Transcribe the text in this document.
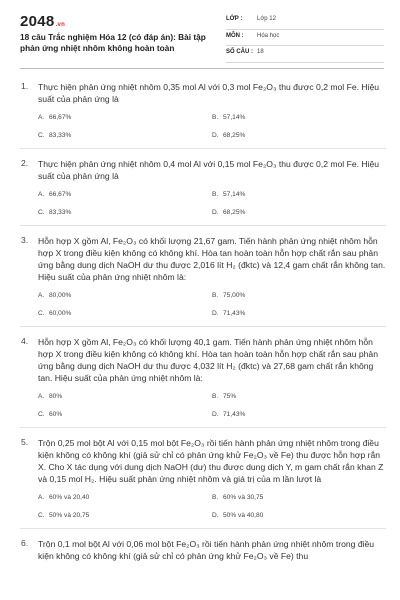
2048.vn
18 câu Trắc nghiệm Hóa 12 (có đáp án): Bài tập phản ứng nhiệt nhôm không hoàn toàn
LỚP : Lớp 12
MÔN : Hóa học
SỐ CÂU : 18
1. Thực hiện phản ứng nhiệt nhôm 0,35 mol Al với 0,3 mol Fe₂O₃ thu được 0,2 mol Fe. Hiệu suất của phản ứng là
A. 66,67%	B. 57,14%
C. 83,33%	D. 68,25%
2. Thực hiện phản ứng nhiệt nhôm 0,4 mol Al với 0,15 mol Fe₂O₃ thu được 0,2 mol Fe. Hiệu suất của phản ứng là
A. 66,67%	B. 57,14%
C. 83,33%	D. 68,25%
3. Hỗn hợp X gồm Al, Fe₂O₃ có khối lượng 21,67 gam. Tiến hành phản ứng nhiệt nhôm hỗn hợp X trong điều kiện không có không khí. Hòa tan hoàn toàn hỗn hợp chất rắn sau phản ứng bằng dung dịch NaOH dư thu được 2,016 lít H₂ (đktc) và 12,4 gam chất rắn không tan. Hiệu suất của phản ứng nhiệt nhôm là:
A. 80,00%	B. 75,00%
C. 60,00%	D. 71,43%
4. Hỗn hợp X gồm Al, Fe₂O₃ có khối lượng 40,1 gam. Tiến hành phản ứng nhiệt nhôm hỗn hợp X trong điều kiện không có không khí. Hòa tan hoàn toàn hỗn hợp chất rắn sau phản ứng bằng dung dịch NaOH dư thu được 4,032 lít H₂ (đktc) và 27,68 gam chất rắn không tan. Hiệu suất của phản ứng nhiệt nhôm là:
A. 80%	B. 75%
C. 60%	D. 71,43%
5. Trộn 0,25 mol bột Al với 0,15 mol bột Fe₂O₃ rồi tiến hành phản ứng nhiệt nhôm trong điều kiện không có không khí (giả sử chỉ có phản ứng khử Fe₂O₃ về Fe) thu được hỗn hợp rắn X. Cho X tác dụng với dung dịch NaOH (dư) thu được dung dịch Y, m gam chất rắn khan Z và 0,15 mol H₂. Hiệu suất phản ứng nhiệt nhôm và giá trị của m lần lượt là
A. 60% và 20,40	B. 60% và 30,75
C. 50% và 20,75	D. 50% và 40,80
6. Trộn 0,1 mol bột Al với 0,06 mol bột Fe₂O₃ rồi tiến hành phản ứng nhiệt nhôm trong điều kiện không có không khí (giả sử chỉ có phản ứng khử Fe₂O₃ về Fe) thu
